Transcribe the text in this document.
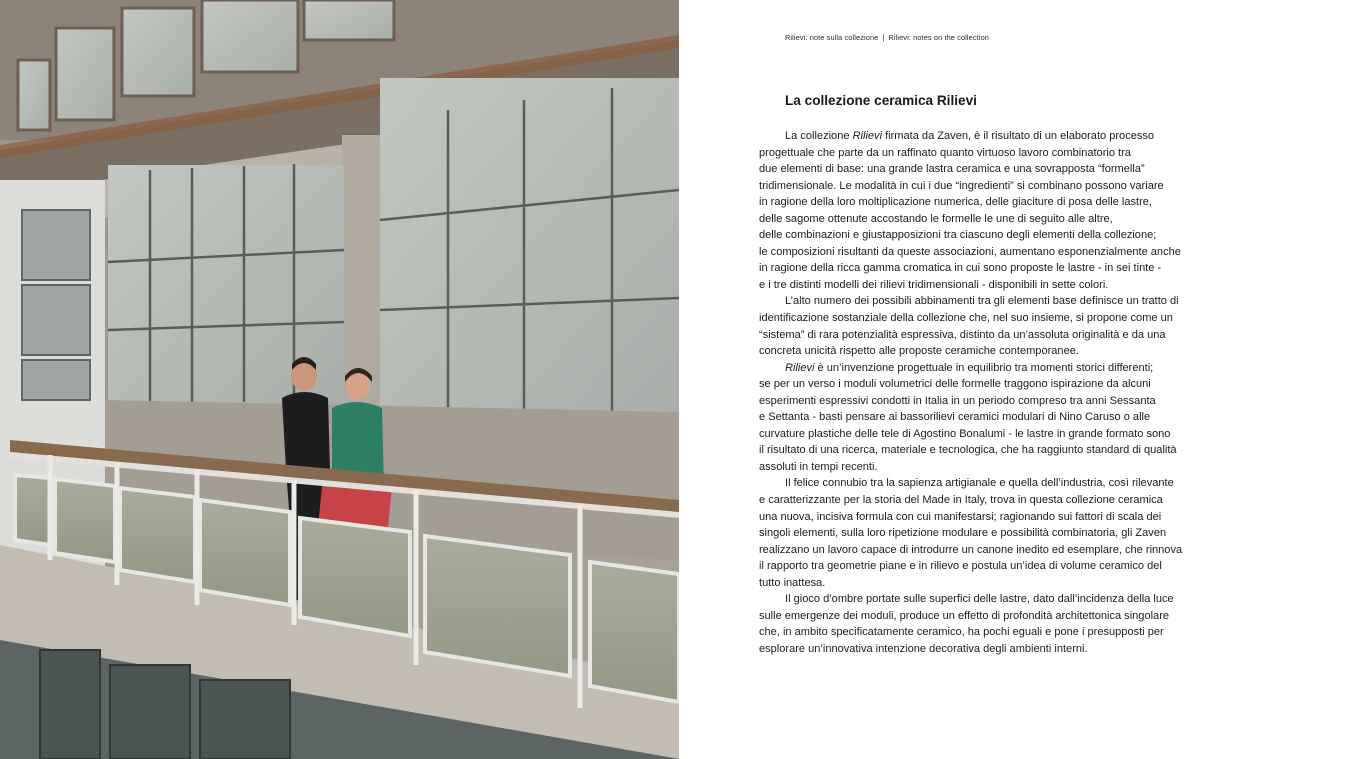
Rilievi: note sulla collezione | Rilievi: notes on the collection
La collezione ceramica Rilievi
La collezione Rilievi firmata da Zaven, è il risultato di un elaborato processo
progettuale che parte da un raffinato quanto virtuoso lavoro combinatorio tra
due elementi di base: una grande lastra ceramica e una sovrapposta “formella”
tridimensionale. Le modalità in cui i due “ingredienti” si combinano possono variare
in ragione della loro moltiplicazione numerica, delle giaciture di posa delle lastre,
delle sagome ottenute accostando le formelle le une di seguito alle altre,
delle combinazioni e giustapposizioni tra ciascuno degli elementi della collezione;
le composizioni risultanti da queste associazioni, aumentano esponenzialmente anche
in ragione della ricca gamma cromatica in cui sono proposte le lastre - in sei tinte -
e i tre distinti modelli dei rilievi tridimensionali - disponibili in sette colori.
L’alto numero dei possibili abbinamenti tra gli elementi base definisce un tratto di
identificazione sostanziale della collezione che, nel suo insieme, si propone come un
“sistema” di rara potenzialità espressiva, distinto da un’assoluta originalità e da una
concreta unicità rispetto alle proposte ceramiche contemporanee.
Rilievi è un’invenzione progettuale in equilibrio tra momenti storici differenti;
se per un verso i moduli volumetrici delle formelle traggono ispirazione da alcuni
esperimenti espressivi condotti in Italia in un periodo compreso tra anni Sessanta
e Settanta - basti pensare ai bassorilievi ceramici modulari di Nino Caruso o alle
curvature plastiche delle tele di Agostino Bonalumi - le lastre in grande formato sono
il risultato di una ricerca, materiale e tecnologica, che ha raggiunto standard di qualità
assoluti in tempi recenti.
Il felice connubio tra la sapienza artigianale e quella dell’industria, così rilevante
e caratterizzante per la storia del Made in Italy, trova in questa collezione ceramica
una nuova, incisiva formula con cui manifestarsi; ragionando sui fattori di scala dei
singoli elementi, sulla loro ripetizione modulare e possibilità combinatoria, gli Zaven
realizzano un lavoro capace di introdurre un canone inedito ed esemplare, che rinnova
il rapporto tra geometrie piane e in rilievo e postula un’idea di volume ceramico del
tutto inattesa.
Il gioco d’ombre portate sulle superfici delle lastre, dato dall’incidenza della luce
sulle emergenze dei moduli, produce un effetto di profondità architettonica singolare
che, in ambito specificatamente ceramico, ha pochi eguali e pone i presupposti per
esplorare un’innovativa intenzione decorativa degli ambienti interni.
